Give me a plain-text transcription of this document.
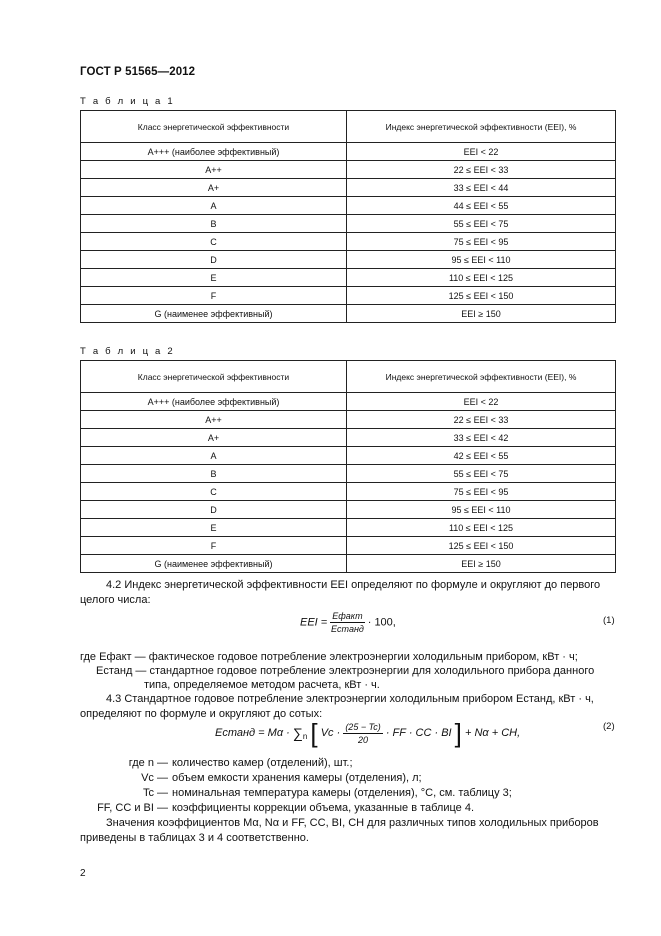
ГОСТ Р 51565—2012
Т а б л и ц а 1
Класс энергетической эффективности	Индекс энергетической эффективности (EEI), %
А+++ (наиболее эффективный)	EEI < 22
А++	22 ≤ EEI < 33
А+	33 ≤ EEI < 44
А	44 ≤ EEI < 55
В	55 ≤ EEI < 75
С	75 ≤ EEI < 95
D	95 ≤ EEI < 110
Е	110 ≤ EEI < 125
F	125 ≤ EEI < 150
G (наименее эффективный)	EEI ≥ 150
Т а б л и ц а 2
Класс энергетической эффективности	Индекс энергетической эффективности (EEI), %
А+++ (наиболее эффективный)	EEI < 22
А++	22 ≤ EEI < 33
А+	33 ≤ EEI < 42
А	42 ≤ EEI < 55
В	55 ≤ EEI < 75
С	75 ≤ EEI < 95
D	95 ≤ EEI < 110
Е	110 ≤ EEI < 125
F	125 ≤ EEI < 150
G (наименее эффективный)	EEI ≥ 150
4.2 Индекс энергетической эффективности EEI определяют по формуле и округляют до первого
целого числа:
EEI = $\frac{\text{Eфакт}}{\text{Eстанд}} \cdot 100$,	(1)
где Eфакт — фактическое годовое потребление электроэнергии холодильным прибором, кВт · ч;
Eстанд — стандартное годовое потребление электроэнергии для холодильного прибора данного
типа, определяемое методом расчета, кВт · ч.
4.3 Стандартное годовое потребление электроэнергии холодильным прибором Eстанд, кВт · ч,
определяют по формуле и округляют до сотых:
Eстанд = $M\alpha \cdot \sum_n$ [ $Vc \cdot \frac{(25 - Tc)}{20}$ · FF · CC · BI ] + Nα + CH,
(2)
где n — количество камер (отделений), шт.;
Vc — объем емкости хранения камеры (отделения), л;
Tc — номинальная температура камеры (отделения), °С, см. таблицу 3;
FF, CC и BI — коэффициенты коррекции объема, указанные в таблице 4.
Значения коэффициентов Mα, Nα и FF, CC, BI, CH для различных типов холодильных приборов
приведены в таблицах 3 и 4 соответственно.
2
